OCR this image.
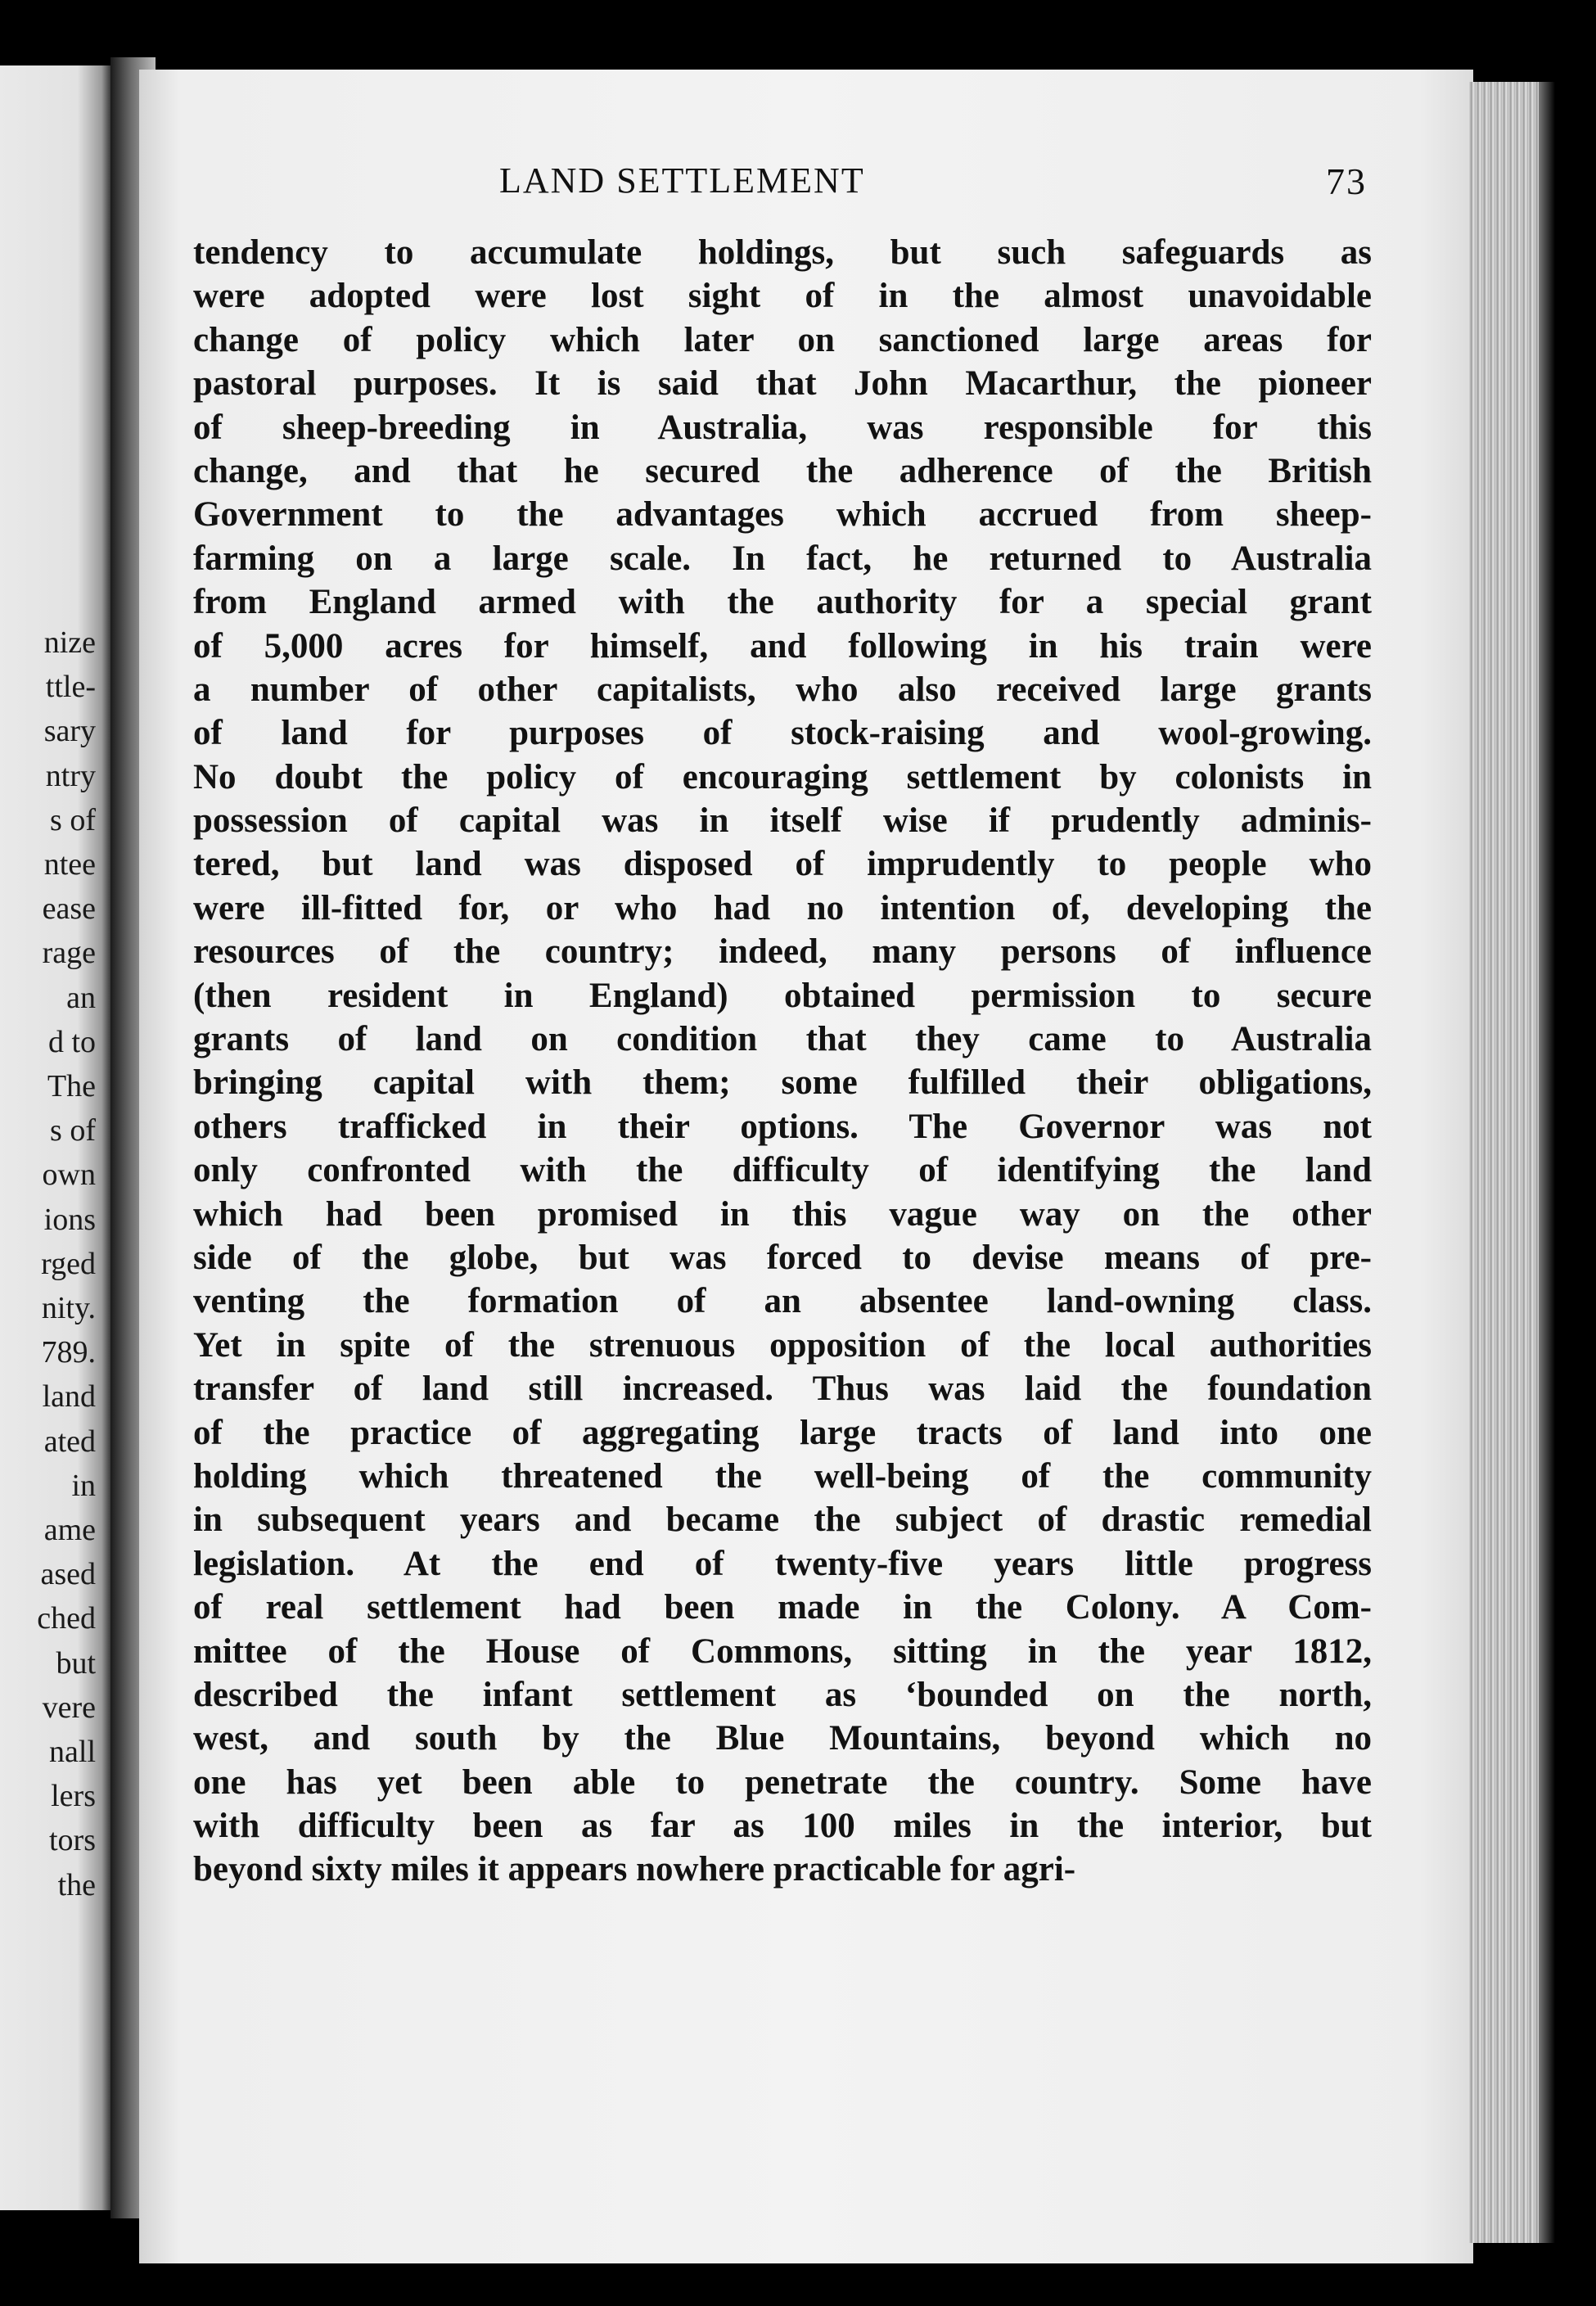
nize
ttle-
sary
ntry
s of
ntee
ease
rage
an
d to
The
s of
own
ions
rged
nity.
789.
land
ated
in
ame
ased
ched
but
vere
nall
lers
tors
the
LAND SETTLEMENT	73
tendency to accumulate holdings, but such safeguards as
were adopted were lost sight of in the almost unavoidable
change of policy which later on sanctioned large areas for
pastoral purposes. It is said that John Macarthur, the pioneer
of sheep-breeding in Australia, was responsible for this
change, and that he secured the adherence of the British
Government to the advantages which accrued from sheep-
farming on a large scale. In fact, he returned to Australia
from England armed with the authority for a special grant
of 5,000 acres for himself, and following in his train were
a number of other capitalists, who also received large grants
of land for purposes of stock-raising and wool-growing.
No doubt the policy of encouraging settlement by colonists in
possession of capital was in itself wise if prudently adminis-
tered, but land was disposed of imprudently to people who
were ill-fitted for, or who had no intention of, developing the
resources of the country; indeed, many persons of influence
(then resident in England) obtained permission to secure
grants of land on condition that they came to Australia
bringing capital with them; some fulfilled their obligations,
others trafficked in their options. The Governor was not
only confronted with the difficulty of identifying the land
which had been promised in this vague way on the other
side of the globe, but was forced to devise means of pre-
venting the formation of an absentee land-owning class.
Yet in spite of the strenuous opposition of the local authorities
transfer of land still increased. Thus was laid the foundation
of the practice of aggregating large tracts of land into one
holding which threatened the well-being of the community
in subsequent years and became the subject of drastic remedial
legislation. At the end of twenty-five years little progress
of real settlement had been made in the Colony. A Com-
mittee of the House of Commons, sitting in the year 1812,
described the infant settlement as ‘bounded on the north,
west, and south by the Blue Mountains, beyond which no
one has yet been able to penetrate the country. Some have
with difficulty been as far as 100 miles in the interior, but
beyond sixty miles it appears nowhere practicable for agri-
